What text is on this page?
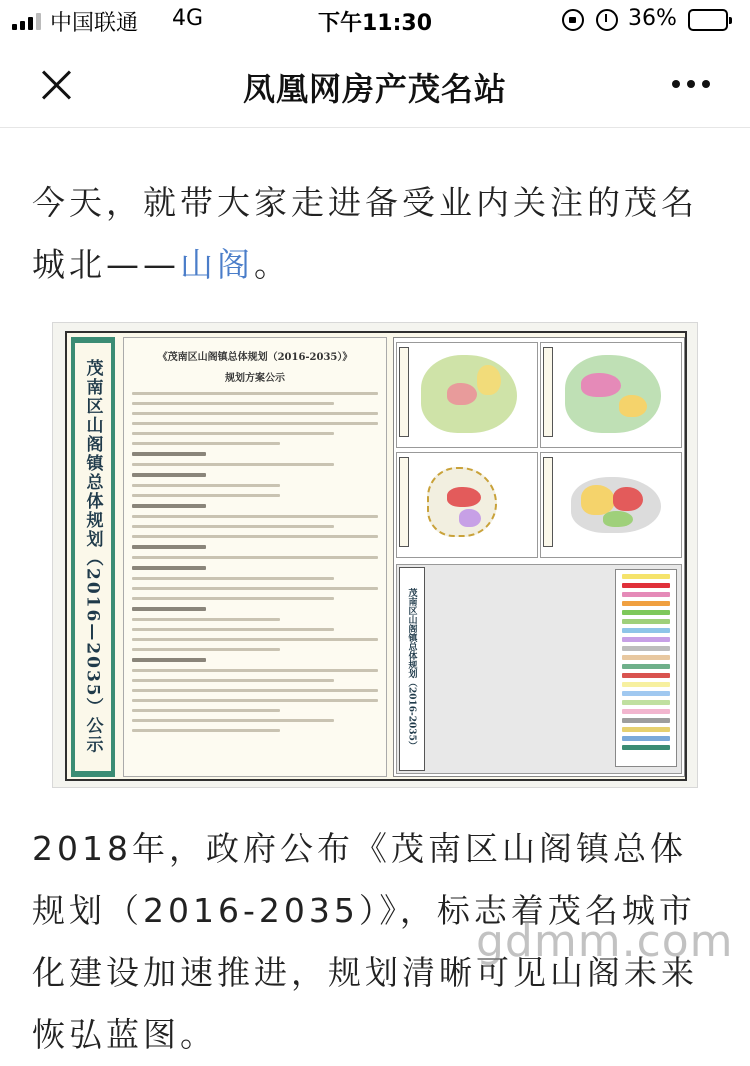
中国联通 4G	下午11:30	36%
凤凰网房产茂名站

今天，就带大家走进备受业内关注的茂名城北——山阁。

茂南区山阁镇总体规划（2016—2035）公示
《茂南区山阁镇总体规划（2016-2035）》
规划方案公示
茂南区山阁镇总体规划（2016-2035）

2018年，政府公布《茂南区山阁镇总体规划（2016-2035）》，标志着茂名城市化建设加速推进，规划清晰可见山阁未来恢弘蓝图。

gdmm.com
